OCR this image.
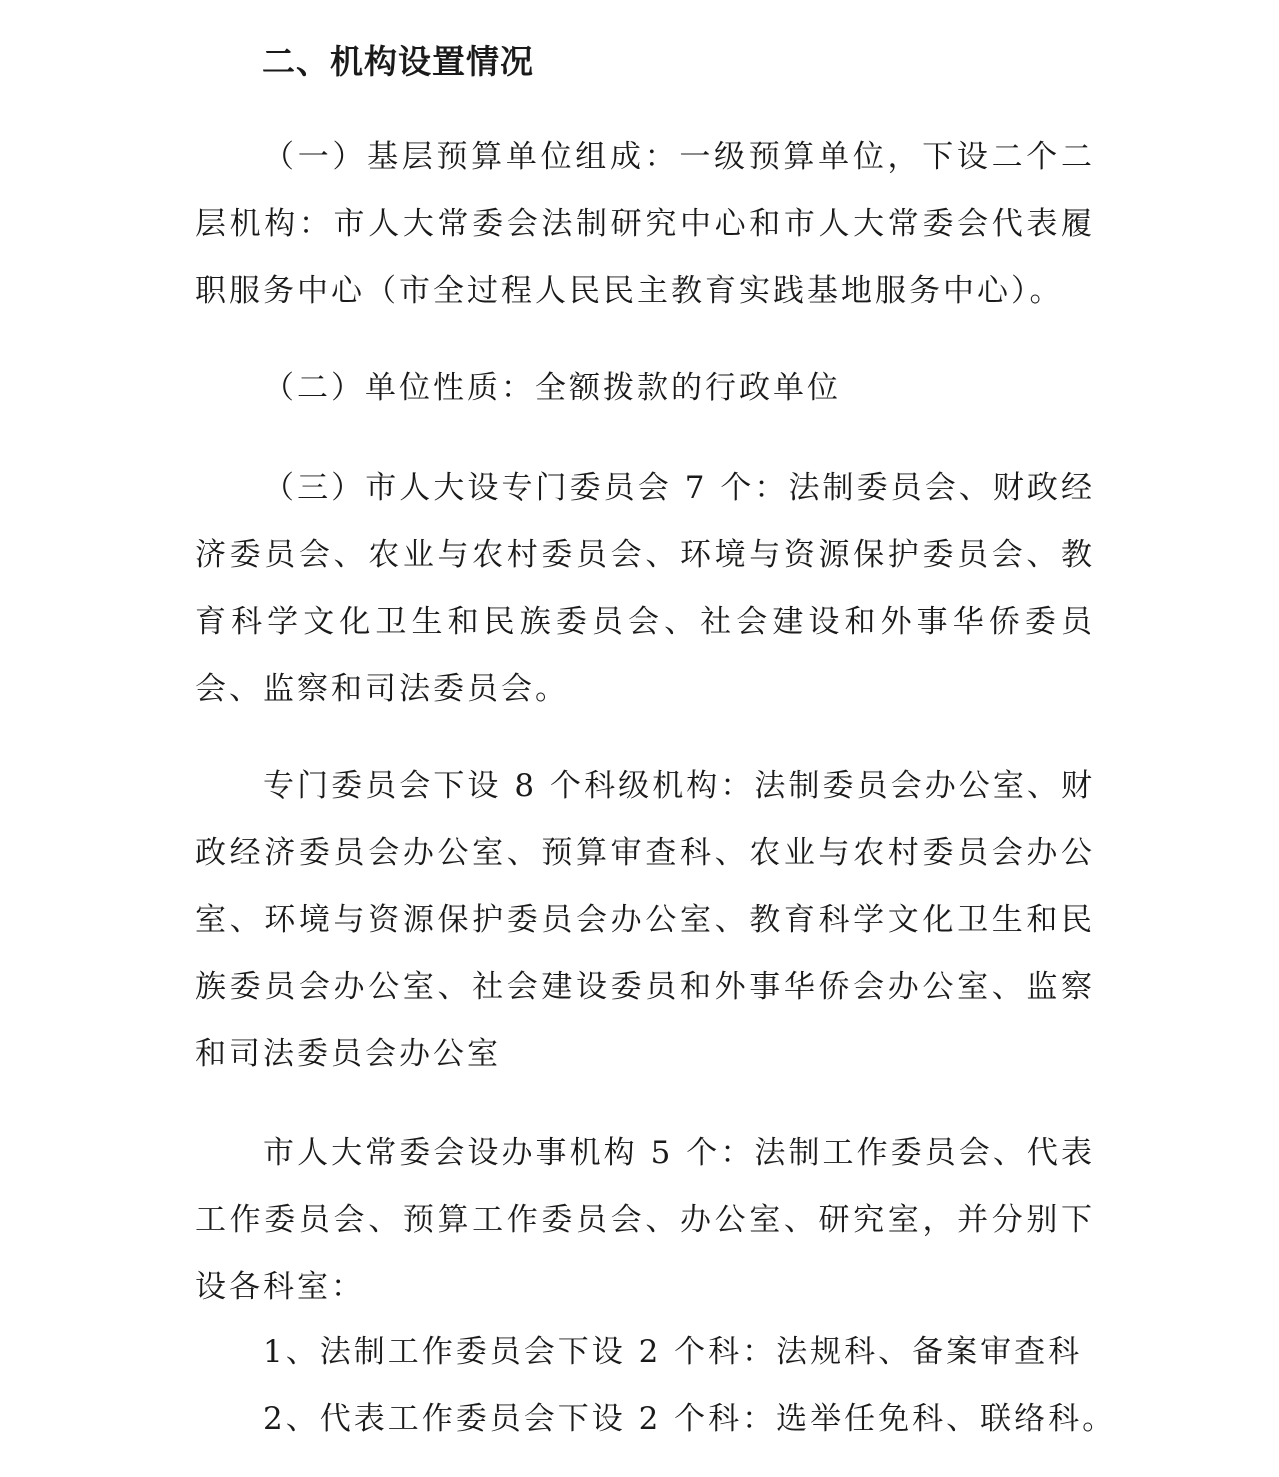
二、机构设置情况

（一）基层预算单位组成：一级预算单位，下设二个二层机构：市人大常委会法制研究中心和市人大常委会代表履职服务中心（市全过程人民民主教育实践基地服务中心）。

（二）单位性质：全额拨款的行政单位

（三）市人大设专门委员会 7 个：法制委员会、财政经济委员会、农业与农村委员会、环境与资源保护委员会、教育科学文化卫生和民族委员会、社会建设和外事华侨委员会、监察和司法委员会。

专门委员会下设 8 个科级机构：法制委员会办公室、财政经济委员会办公室、预算审查科、农业与农村委员会办公室、环境与资源保护委员会办公室、教育科学文化卫生和民族委员会办公室、社会建设委员和外事华侨会办公室、监察和司法委员会办公室

市人大常委会设办事机构 5 个：法制工作委员会、代表工作委员会、预算工作委员会、办公室、研究室，并分别下设各科室：

1、法制工作委员会下设 2 个科：法规科、备案审查科

2、代表工作委员会下设 2 个科：选举任免科、联络科。
